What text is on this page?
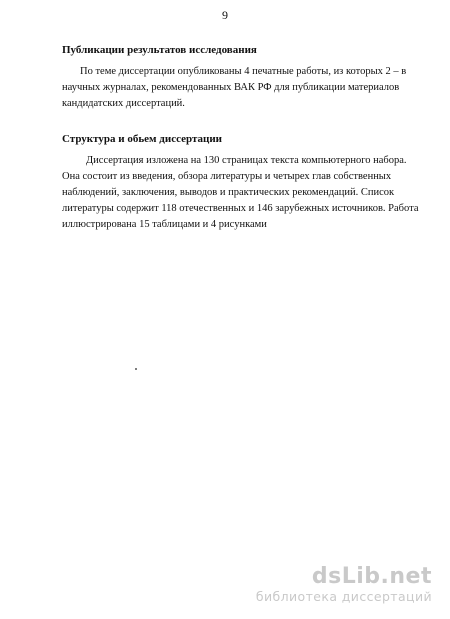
9
Публикации результатов исследования

По теме диссертации опубликованы 4 печатные работы, из которых 2 – в
научных журналах, рекомендованных ВАК РФ для публикации материалов
кандидатских диссертаций.

Структура и обьем диссертации

Диссертация изложена на 130 страницах текста компьютерного набора.
Она состоит из введения, обзора литературы и четырех глав собственных
наблюдений, заключения, выводов и практических рекомендаций. Список
литературы содержит 118 отечественных и 146 зарубежных источников. Работа
иллюстрирована 15 таблицами и 4 рисунками

dsLib.net
библиотека диссертаций
